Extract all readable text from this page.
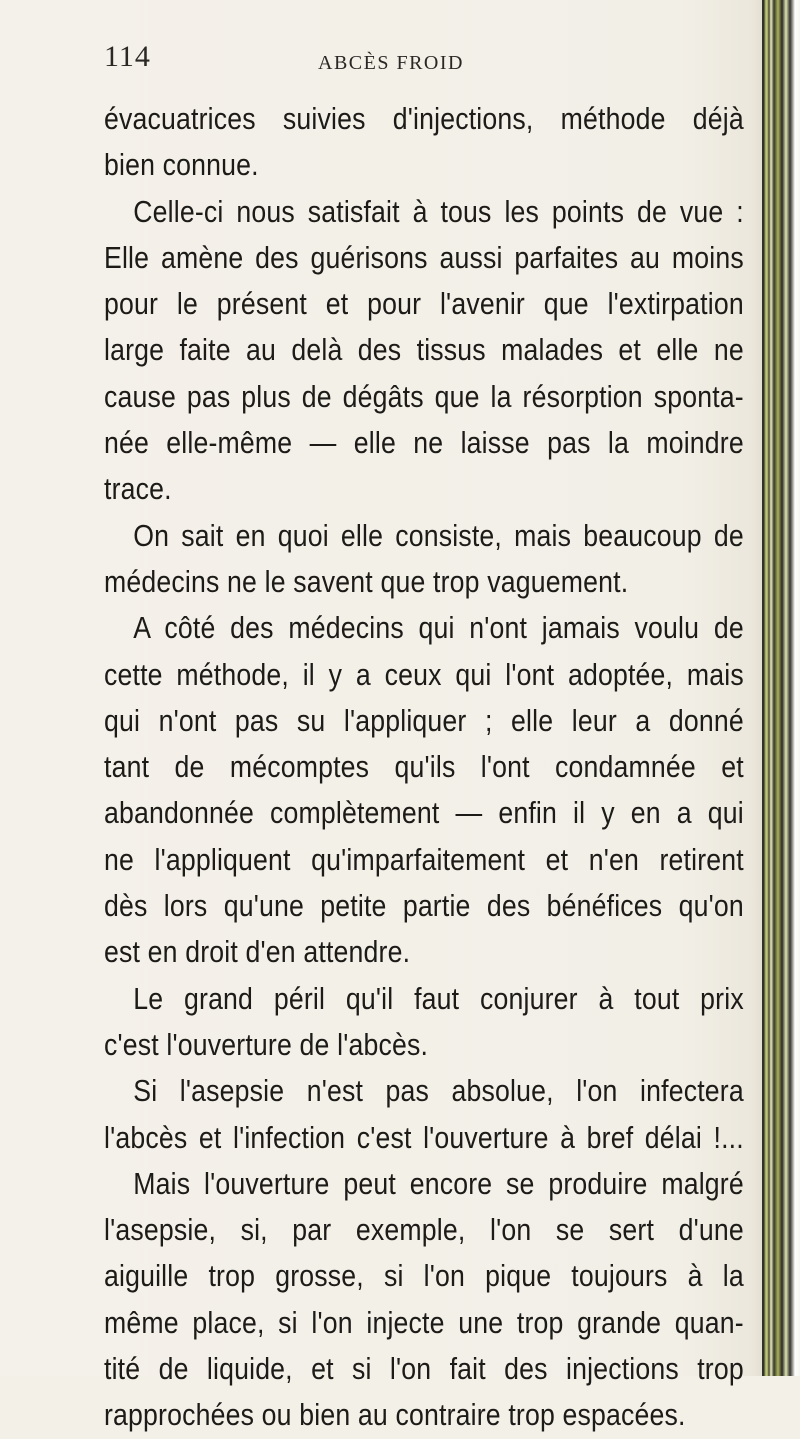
114	ABCÈS FROID
évacuatrices suivies d'injections, méthode déjà
bien connue.
Celle-ci nous satisfait à tous les points de vue :
Elle amène des guérisons aussi parfaites au moins
pour le présent et pour l'avenir que l'extirpation
large faite au delà des tissus malades et elle ne
cause pas plus de dégâts que la résorption sponta-
née elle-même — elle ne laisse pas la moindre
trace.
On sait en quoi elle consiste, mais beaucoup de
médecins ne le savent que trop vaguement.
A côté des médecins qui n'ont jamais voulu de
cette méthode, il y a ceux qui l'ont adoptée, mais
qui n'ont pas su l'appliquer ; elle leur a donné
tant de mécomptes qu'ils l'ont condamnée et
abandonnée complètement — enfin il y en a qui
ne l'appliquent qu'imparfaitement et n'en retirent
dès lors qu'une petite partie des bénéfices qu'on
est en droit d'en attendre.
Le grand péril qu'il faut conjurer à tout prix
c'est l'ouverture de l'abcès.
Si l'asepsie n'est pas absolue, l'on infectera
l'abcès et l'infection c'est l'ouverture à bref délai !...
Mais l'ouverture peut encore se produire malgré
l'asepsie, si, par exemple, l'on se sert d'une
aiguille trop grosse, si l'on pique toujours à la
même place, si l'on injecte une trop grande quan-
tité de liquide, et si l'on fait des injections trop
rapprochées ou bien au contraire trop espacées.
